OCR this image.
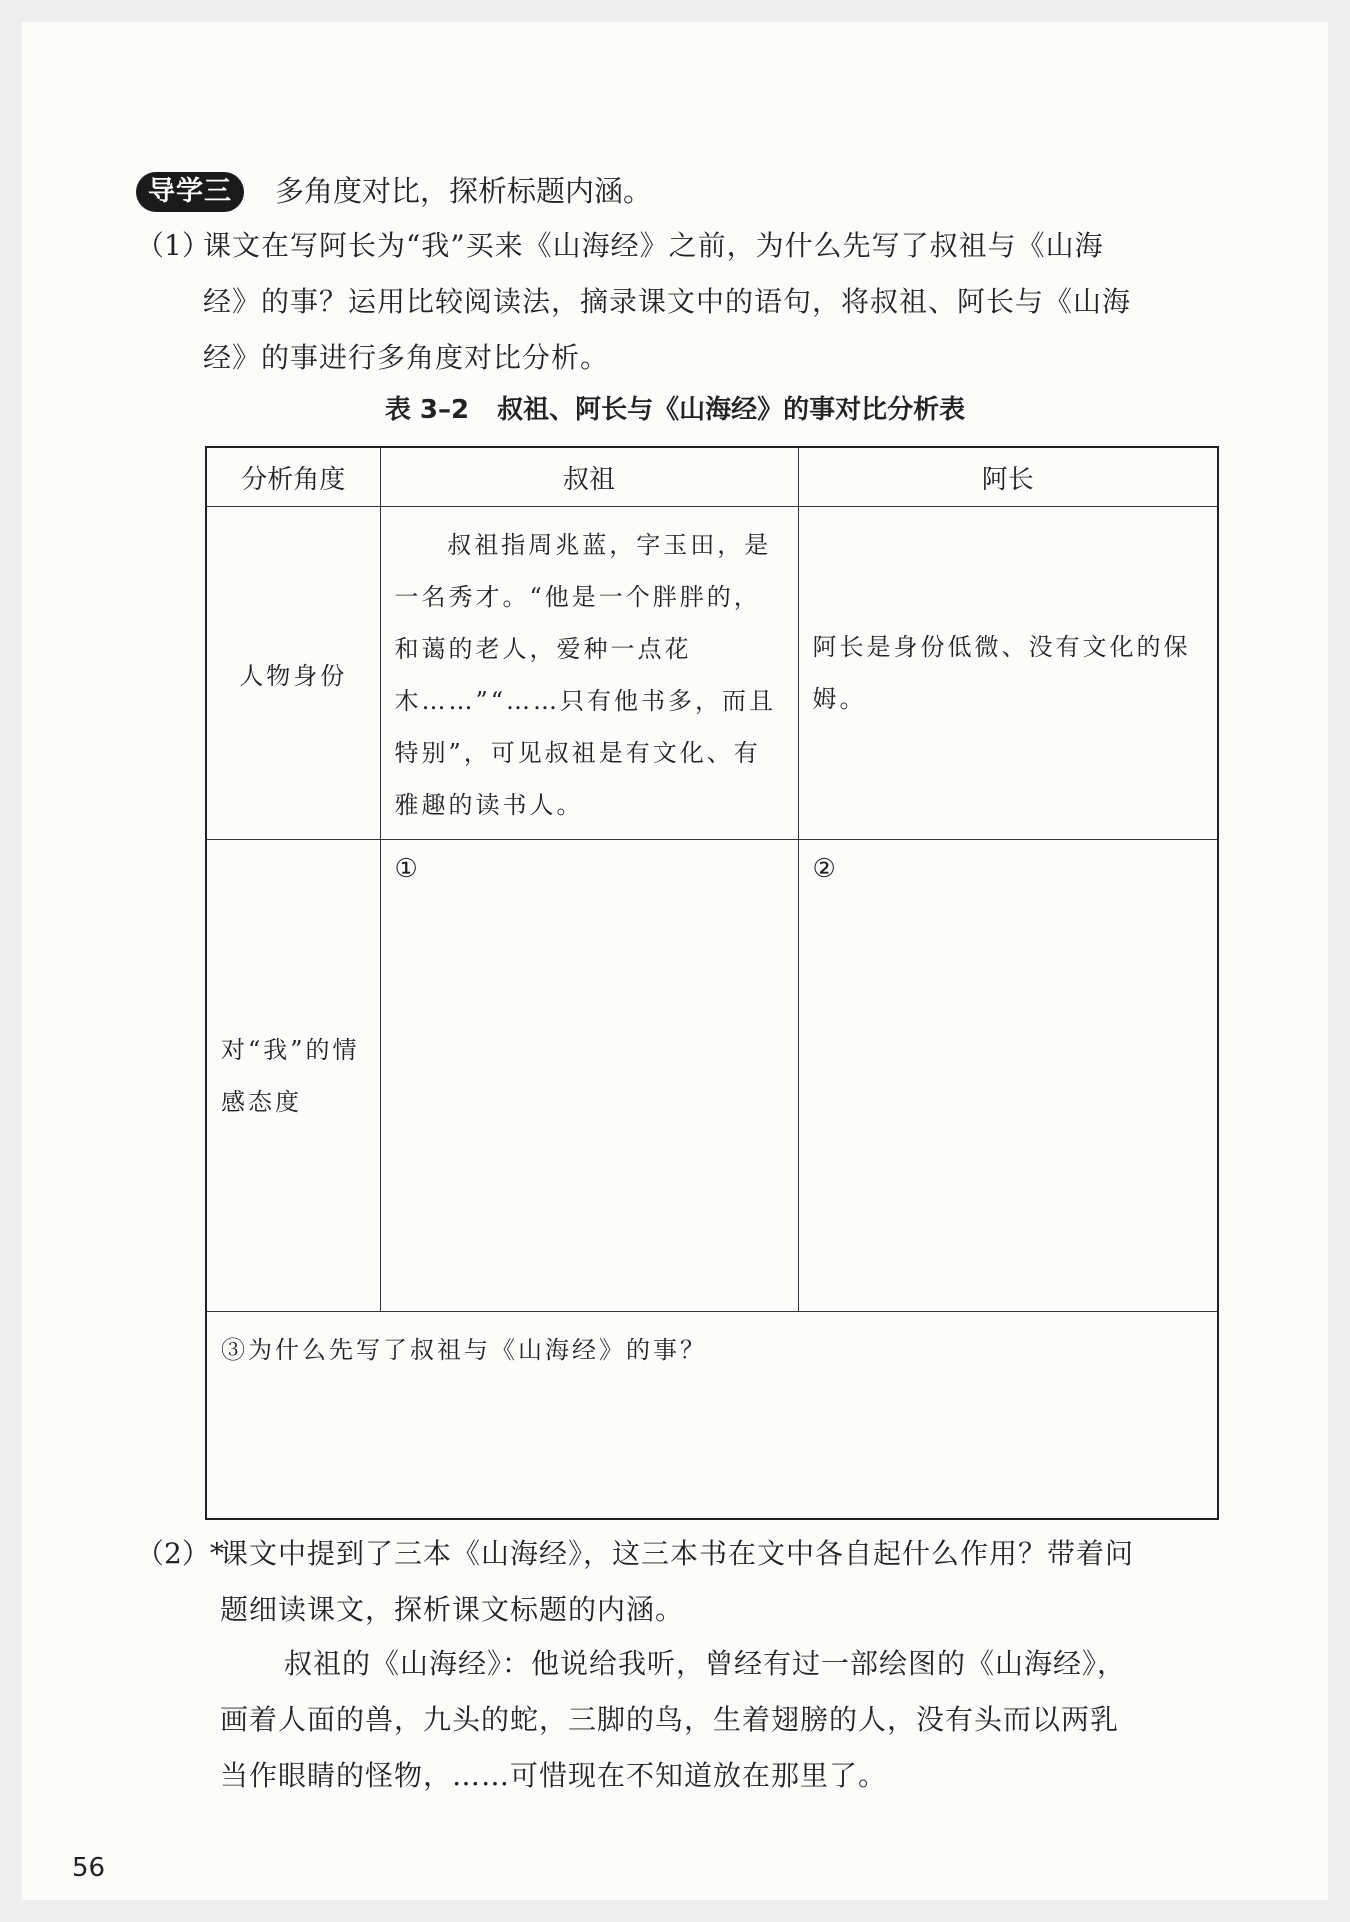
导学三	多角度对比，探析标题内涵。
（1）
课文在写阿长为“我”买来《山海经》之前，为什么先写了叔祖与《山海
经》的事？运用比较阅读法，摘录课文中的语句，将叔祖、阿长与《山海
经》的事进行多角度对比分析。
表 3–2 叔祖、阿长与《山海经》的事对比分析表
分析角度	叔祖	阿长
人物身份	叔祖指周兆蓝，字玉田，是一名秀才。“他是一个胖胖的，和蔼的老人，爱种一点花木……”“……只有他书多，而且特别”，可见叔祖是有文化、有雅趣的读书人。	阿长是身份低微、没有文化的保姆。
对“我”的情感态度	①	②
③为什么先写了叔祖与《山海经》的事？		
（2）*
课文中提到了三本《山海经》，这三本书在文中各自起什么作用？带着问
题细读课文，探析课文标题的内涵。
叔祖的《山海经》：他说给我听，曾经有过一部绘图的《山海经》，
画着人面的兽，九头的蛇，三脚的鸟，生着翅膀的人，没有头而以两乳
当作眼睛的怪物，……可惜现在不知道放在那里了。
56
